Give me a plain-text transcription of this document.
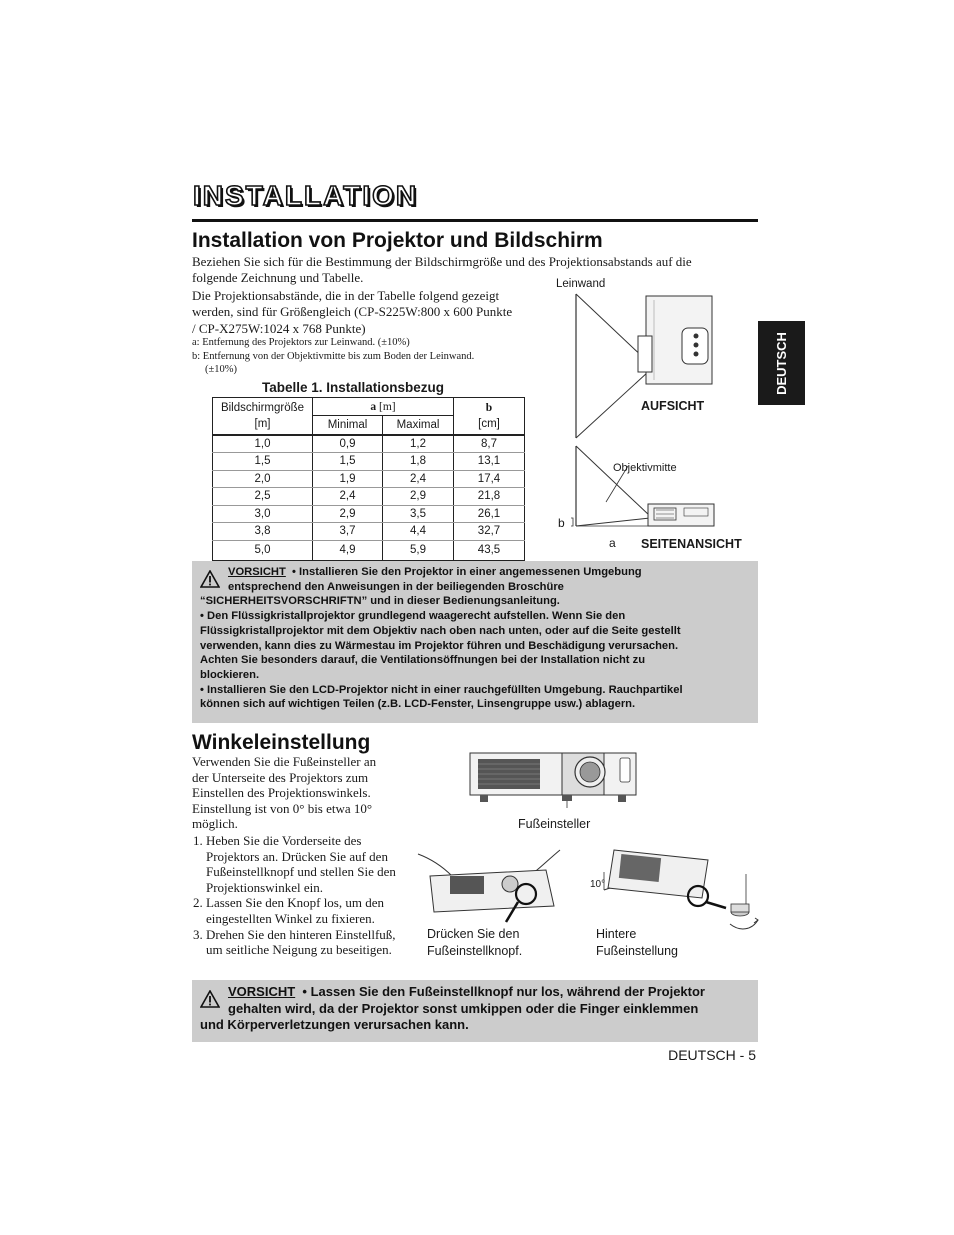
INSTALLATION
Installation von Projektor und Bildschirm
Beziehen Sie sich für die Bestimmung der Bildschirmgröße und des Projektionsabstands auf die
folgende Zeichnung und Tabelle.
Die Projektionsabstände, die in der Tabelle folgend gezeigt
werden, sind für Größengleich (CP-S225W:800 x 600 Punkte
/ CP-X275W:1024 x 768 Punkte)
a: Entfernung des Projektors zur Leinwand. (±10%)
b: Entfernung von der Objektivmitte bis zum Boden der Leinwand.
(±10%)	DEUTSCH
Tabelle 1. Installationsbezug
Bildschirmgröße
[m]	a [m]		b
[cm]
	Minimal	Maximal	
1,0	0,9	1,2	8,7
1,5	1,5	1,8	13,1
2,0	1,9	2,4	17,4
2,5	2,4	2,9	21,8
3,0	2,9	3,5	26,1
3,8	3,7	4,4	32,7
5,0	4,9	5,9	43,5
Leinwand
AUFSICHT
Objektivmitte
b
a SEITENANSICHT
VORSICHT • Installieren Sie den Projektor in einer angemessenen Umgebung
entsprechend den Anweisungen in der beiliegenden Broschüre
“SICHERHEITSVORSCHRIFTN” und in dieser Bedienungsanleitung.
• Den Flüssigkristallprojektor grundlegend waagerecht aufstellen. Wenn Sie den
Flüssigkristallprojektor mit dem Objektiv nach oben nach unten, oder auf die Seite gestellt
verwenden, kann dies zu Wärmestau im Projektor führen und Beschädigung verursachen.
Achten Sie besonders darauf, die Ventilationsöffnungen bei der Installation nicht zu
blockieren.
• Installieren Sie den LCD-Projektor nicht in einer rauchgefüllten Umgebung. Rauchpartikel
können sich auf wichtigen Teilen (z.B. LCD-Fenster, Linsengruppe usw.) ablagern.
Winkeleinstellung
Verwenden Sie die Fußeinsteller an
der Unterseite des Projektors zum
Einstellen des Projektionswinkels.
Einstellung ist von 0° bis etwa 10°
möglich.
1. Heben Sie die Vorderseite des Projektors an. Drücken Sie auf den Fußeinstellknopf und stellen Sie den Projektionswinkel ein.
2. Lassen Sie den Knopf los, um den eingestellten Winkel zu fixieren.
3. Drehen Sie den hinteren Einstellfuß, um seitliche Neigung zu beseitigen.
Fußeinsteller
Drücken Sie den
Fußeinstellknopf.
10°
Hintere
Fußeinstellung
VORSICHT • Lassen Sie den Fußeinstellknopf nur los, während der Projektor
gehalten wird, da der Projektor sonst umkippen oder die Finger einklemmen
und Körperverletzungen verursachen kann.
DEUTSCH - 5
